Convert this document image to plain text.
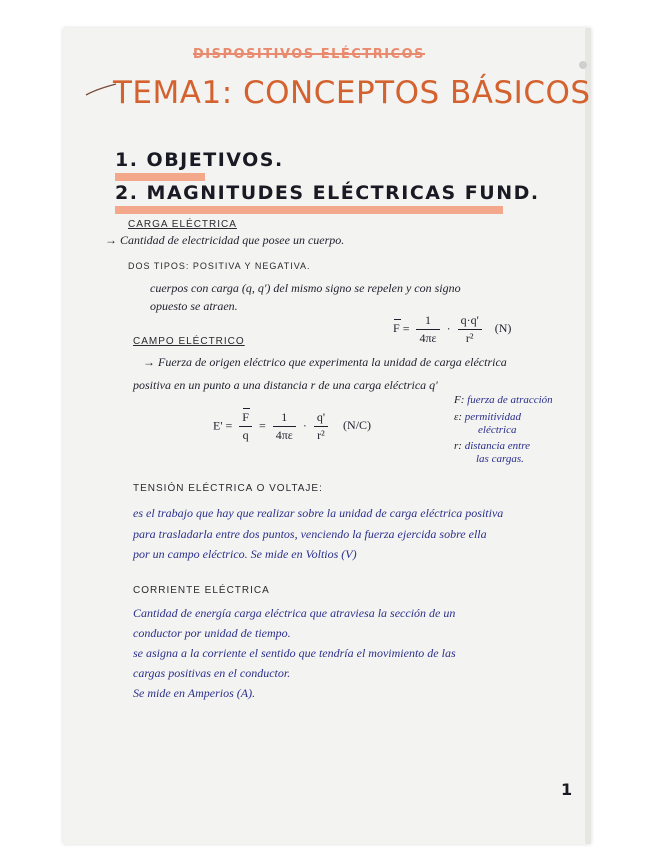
DISPOSITIVOS ELÉCTRICOS
TEMA1: CONCEPTOS BÁSICOS
1. OBJETIVOS.
2. MAGNITUDES ELÉCTRICAS FUND.
CARGA ELÉCTRICA
→ Cantidad de electricidad que posee un cuerpo.
DOS TIPOS: POSITIVA Y NEGATIVA.
cuerpos con carga (q, q') del mismo signo se repelen y con signo
opuesto se atraen.
$F = \frac{1}{4\pi\varepsilon} \cdot \frac{q\cdot q'}{\text{r²}} (N)$
CAMPO ELÉCTRICO
→ Fuerza de origen eléctrico que experimenta la unidad de carga eléctrica
positiva en un punto a una distancia r de una carga eléctrica q'
$E' = \frac{F}{q} = \frac{1}{4\pi\varepsilon} \cdot \frac{q'}{\text{r²}} (N/C)$
F: fuerza de atracción
ε: permitividad
eléctrica
r: distancia entre
las cargas.
TENSIÓN ELÉCTRICA O VOLTAJE:
es el trabajo que hay que realizar sobre la unidad de carga eléctrica positiva
para trasladarla entre dos puntos, venciendo la fuerza ejercida sobre ella
por un campo eléctrico. Se mide en Voltios (V)
CORRIENTE ELÉCTRICA
Cantidad de energía carga eléctrica que atraviesa la sección de un
conductor por unidad de tiempo.
se asigna a la corriente el sentido que tendría el movimiento de las
cargas positivas en el conductor.
Se mide en Amperios (A).
1
